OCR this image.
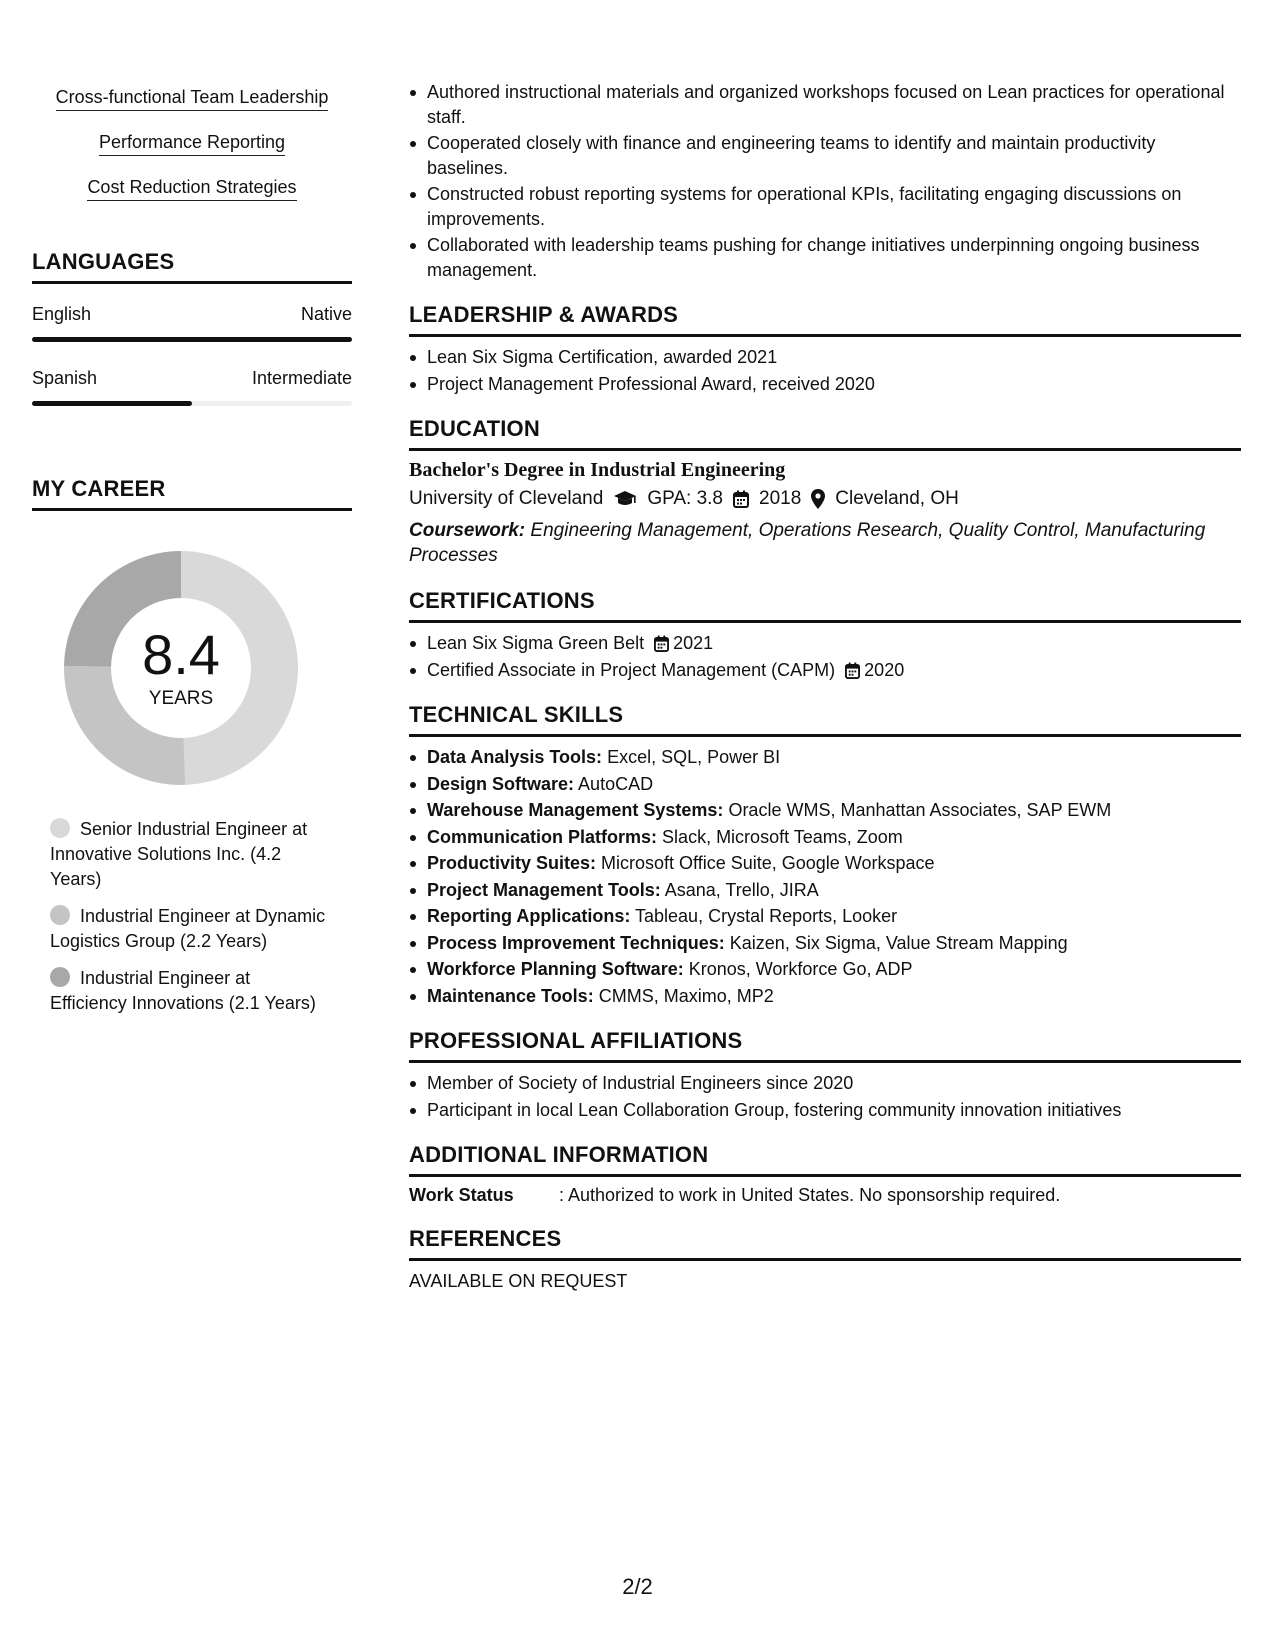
Cross-functional Team Leadership
Performance Reporting
Cost Reduction Strategies
LANGUAGES
English	Native
Spanish	Intermediate
MY CAREER
8.4
YEARS
Senior Industrial Engineer at Innovative Solutions Inc. (4.2 Years)
Industrial Engineer at Dynamic Logistics Group (2.2 Years)
Industrial Engineer at Efficiency Innovations (2.1 Years)
Authored instructional materials and organized workshops focused on Lean practices for operational staff.
Cooperated closely with finance and engineering teams to identify and maintain productivity baselines.
Constructed robust reporting systems for operational KPIs, facilitating engaging discussions on improvements.
Collaborated with leadership teams pushing for change initiatives underpinning ongoing business management.
LEADERSHIP & AWARDS
Lean Six Sigma Certification, awarded 2021
Project Management Professional Award, received 2020
EDUCATION
Bachelor's Degree in Industrial Engineering
University of Cleveland GPA: 3.8 2018 Cleveland, OH
Coursework: Engineering Management, Operations Research, Quality Control, Manufacturing Processes
CERTIFICATIONS
Lean Six Sigma Green Belt 2021
Certified Associate in Project Management (CAPM) 2020
TECHNICAL SKILLS
Data Analysis Tools: Excel, SQL, Power BI
Design Software: AutoCAD
Warehouse Management Systems: Oracle WMS, Manhattan Associates, SAP EWM
Communication Platforms: Slack, Microsoft Teams, Zoom
Productivity Suites: Microsoft Office Suite, Google Workspace
Project Management Tools: Asana, Trello, JIRA
Reporting Applications: Tableau, Crystal Reports, Looker
Process Improvement Techniques: Kaizen, Six Sigma, Value Stream Mapping
Workforce Planning Software: Kronos, Workforce Go, ADP
Maintenance Tools: CMMS, Maximo, MP2
PROFESSIONAL AFFILIATIONS
Member of Society of Industrial Engineers since 2020
Participant in local Lean Collaboration Group, fostering community innovation initiatives
ADDITIONAL INFORMATION
Work Status	: Authorized to work in United States. No sponsorship required.
REFERENCES
AVAILABLE ON REQUEST
2/2
